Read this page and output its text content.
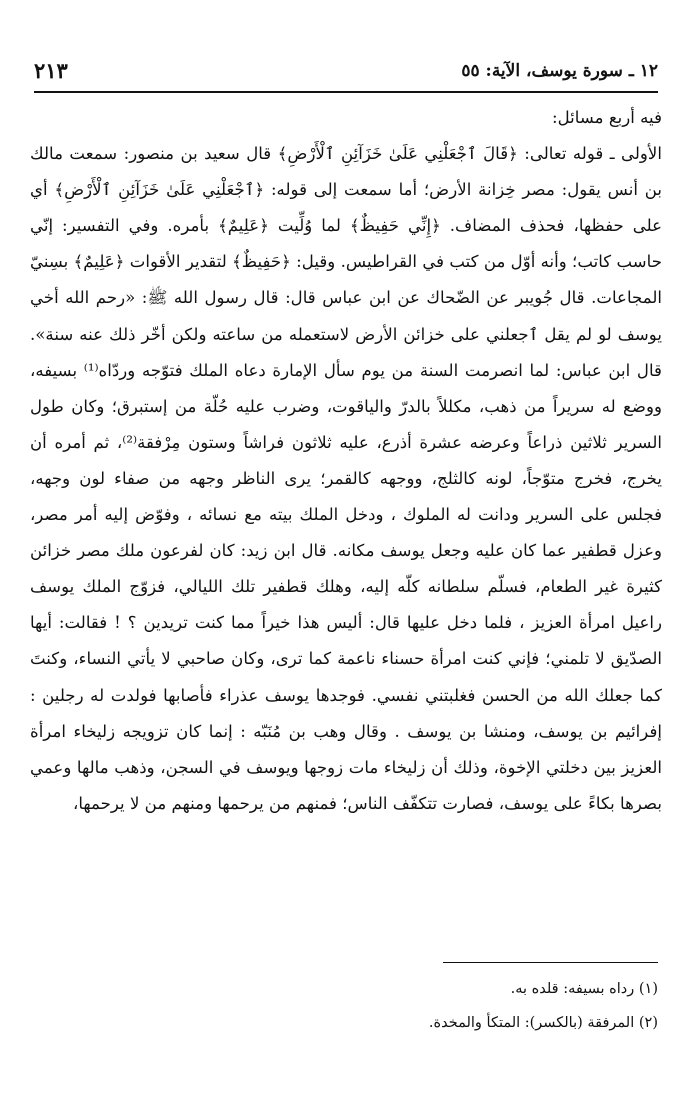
١٢ ـ سورة يوسف، الآية: ٥٥
٢١٣

فيه أربع مسائل:

الأولى ـ قوله تعالى: ﴿قَالَ ٱجْعَلْنِي عَلَىٰ خَزَآئِنِ ٱلْأَرْضِ﴾ قال سعيد بن منصور: سمعت مالك بن أنس يقول: مصر خِزانة الأرض؛ أما سمعت إلى قوله: ﴿ٱجْعَلْنِي عَلَىٰ خَزَآئِنِ ٱلْأَرْضِ﴾ أي على حفظها، فحذف المضاف. ﴿إِنِّي حَفِيظٌ﴾ لما وُلِّيت ﴿عَلِيمٌ﴾ بأمره. وفي التفسير: إنّي حاسب كاتب؛ وأنه أوّل من كتب في القراطيس. وقيل: ﴿حَفِيظٌ﴾ لتقدير الأقوات ﴿عَلِيمٌ﴾ بسِنيّ المجاعات. قال جُويبر عن الضّحاك عن ابن عباس قال: قال رسول الله ﷺ: «رحم الله أخي يوسف لو لم يقل ٱجعلني على خزائن الأرض لاستعمله من ساعته ولكن أخّر ذلك عنه سنة». قال ابن عباس: لما انصرمت السنة من يوم سأل الإمارة دعاه الملك فتوّجه وردّاه⁽¹⁾ بسيفه، ووضع له سريراً من ذهب، مكللاً بالدرّ والياقوت، وضرب عليه حُلّة من إستبرق؛ وكان طول السرير ثلاثين ذراعاً وعرضه عشرة أذرع، عليه ثلاثون فراشاً وستون مِرْفقة⁽²⁾، ثم أمره أن يخرج، فخرج متوّجاً، لونه كالثلج، ووجهه كالقمر؛ يرى الناظر وجهه من صفاء لون وجهه، فجلس على السرير ودانت له الملوك ، ودخل الملك بيته مع نسائه ، وفوّض إليه أمر مصر، وعزل قطفير عما كان عليه وجعل يوسف مكانه. قال ابن زيد: كان لفرعون ملك مصر خزائن كثيرة غير الطعام، فسلّم سلطانه كلّه إليه، وهلك قطفير تلك الليالي، فزوّج الملك يوسف راعيل امرأة العزيز ، فلما دخل عليها قال: أليس هذا خيراً مما كنت تريدين ؟ ! فقالت: أيها الصدّيق لا تلمني؛ فإني كنت امرأة حسناء ناعمة كما ترى، وكان صاحبي لا يأتي النساء، وكنتَ كما جعلك الله من الحسن فغلبتني نفسي. فوجدها يوسف عذراء فأصابها فولدت له رجلين : إفرائيم بن يوسف، ومنشا بن يوسف . وقال وهب بن مُنَبّه : إنما كان تزويجه زليخاء امرأة العزيز بين دخلتي الإخوة، وذلك أن زليخاء مات زوجها ويوسف في السجن، وذهب مالها وعمي بصرها بكاءً على يوسف، فصارت تتكفّف الناس؛ فمنهم من يرحمها ومنهم من لا يرحمها،

(١) رداه بسيفه: قلده به.

(٢) المرفقة (بالكسر): المتكأ والمخدة.
